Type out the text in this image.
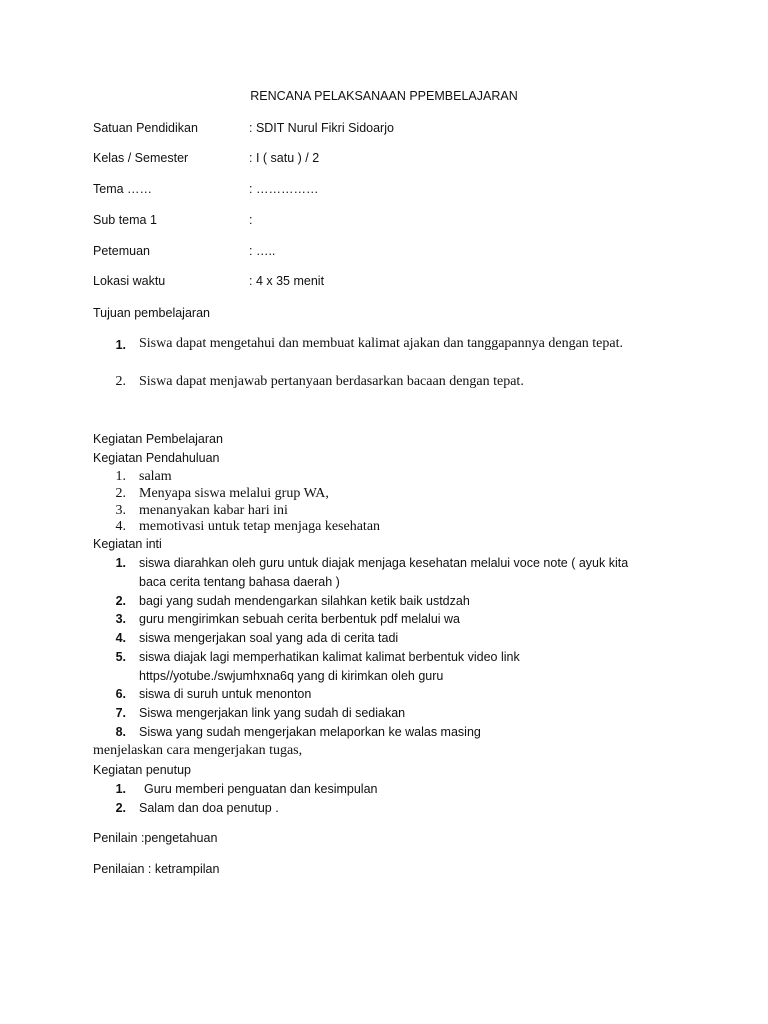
RENCANA PELAKSANAAN PPEMBELAJARAN
Satuan Pendidikan	: SDIT Nurul Fikri Sidoarjo
Kelas / Semester	: I ( satu ) / 2
Tema ……	: ……………
Sub tema 1	:
Petemuan	: …..
Lokasi waktu	: 4 x 35 menit
Tujuan pembelajaran
1. Siswa dapat mengetahui dan membuat kalimat ajakan dan tanggapannya dengan tepat.
2. Siswa dapat menjawab pertanyaan berdasarkan bacaan dengan tepat.
Kegiatan Pembelajaran
Kegiatan Pendahuluan
1. salam
2. Menyapa siswa melalui grup WA,
3. menanyakan kabar hari ini
4. memotivasi untuk tetap menjaga kesehatan
Kegiatan inti
1. siswa diarahkan oleh guru untuk diajak menjaga kesehatan melalui voce note ( ayuk kita
baca cerita tentang bahasa daerah )
2. bagi yang sudah mendengarkan silahkan ketik baik ustdzah
3. guru mengirimkan sebuah cerita berbentuk pdf melalui wa
4. siswa mengerjakan soal yang ada di cerita tadi
5. siswa diajak lagi memperhatikan kalimat kalimat berbentuk video link
https//yotube./swjumhxna6q yang di kirimkan oleh guru
6. siswa di suruh untuk menonton
7. Siswa mengerjakan link yang sudah di sediakan
8. Siswa yang sudah mengerjakan melaporkan ke walas masing
menjelaskan cara mengerjakan tugas,
Kegiatan penutup
1. Guru memberi penguatan dan kesimpulan
2. Salam dan doa penutup .
Penilain :pengetahuan
Penilaian : ketrampilan
